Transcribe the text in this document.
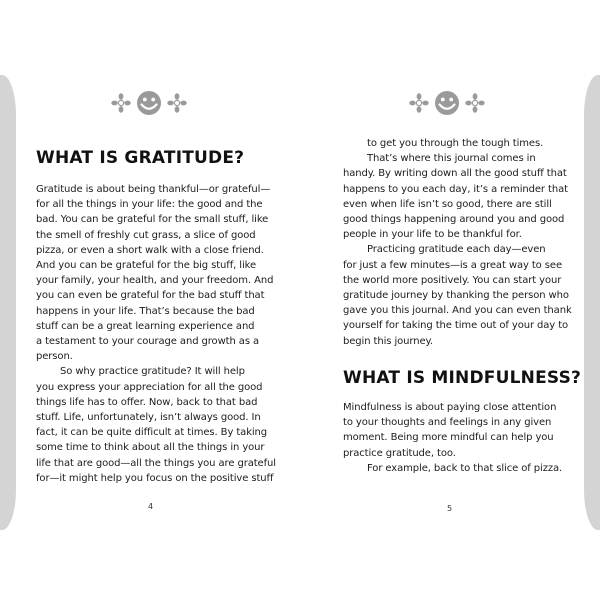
WHAT IS GRATITUDE?
Gratitude is about being thankful—or grateful—
for all the things in your life: the good and the
bad. You can be grateful for the small stuff, like
the smell of freshly cut grass, a slice of good
pizza, or even a short walk with a close friend.
And you can be grateful for the big stuff, like
your family, your health, and your freedom. And
you can even be grateful for the bad stuff that
happens in your life. That’s because the bad
stuff can be a great learning experience and
a testament to your courage and growth as a
person.
So why practice gratitude? It will help
you express your appreciation for all the good
things life has to offer. Now, back to that bad
stuff. Life, unfortunately, isn’t always good. In
fact, it can be quite difficult at times. By taking
some time to think about all the things in your
life that are good—all the things you are grateful
for—it might help you focus on the positive stuff
4
to get you through the tough times.
That’s where this journal comes in
handy. By writing down all the good stuff that
happens to you each day, it’s a reminder that
even when life isn’t so good, there are still
good things happening around you and good
people in your life to be thankful for.
Practicing gratitude each day—even
for just a few minutes—is a great way to see
the world more positively. You can start your
gratitude journey by thanking the person who
gave you this journal. And you can even thank
yourself for taking the time out of your day to
begin this journey.
WHAT IS MINDFULNESS?
Mindfulness is about paying close attention
to your thoughts and feelings in any given
moment. Being more mindful can help you
practice gratitude, too.
For example, back to that slice of pizza.
5
